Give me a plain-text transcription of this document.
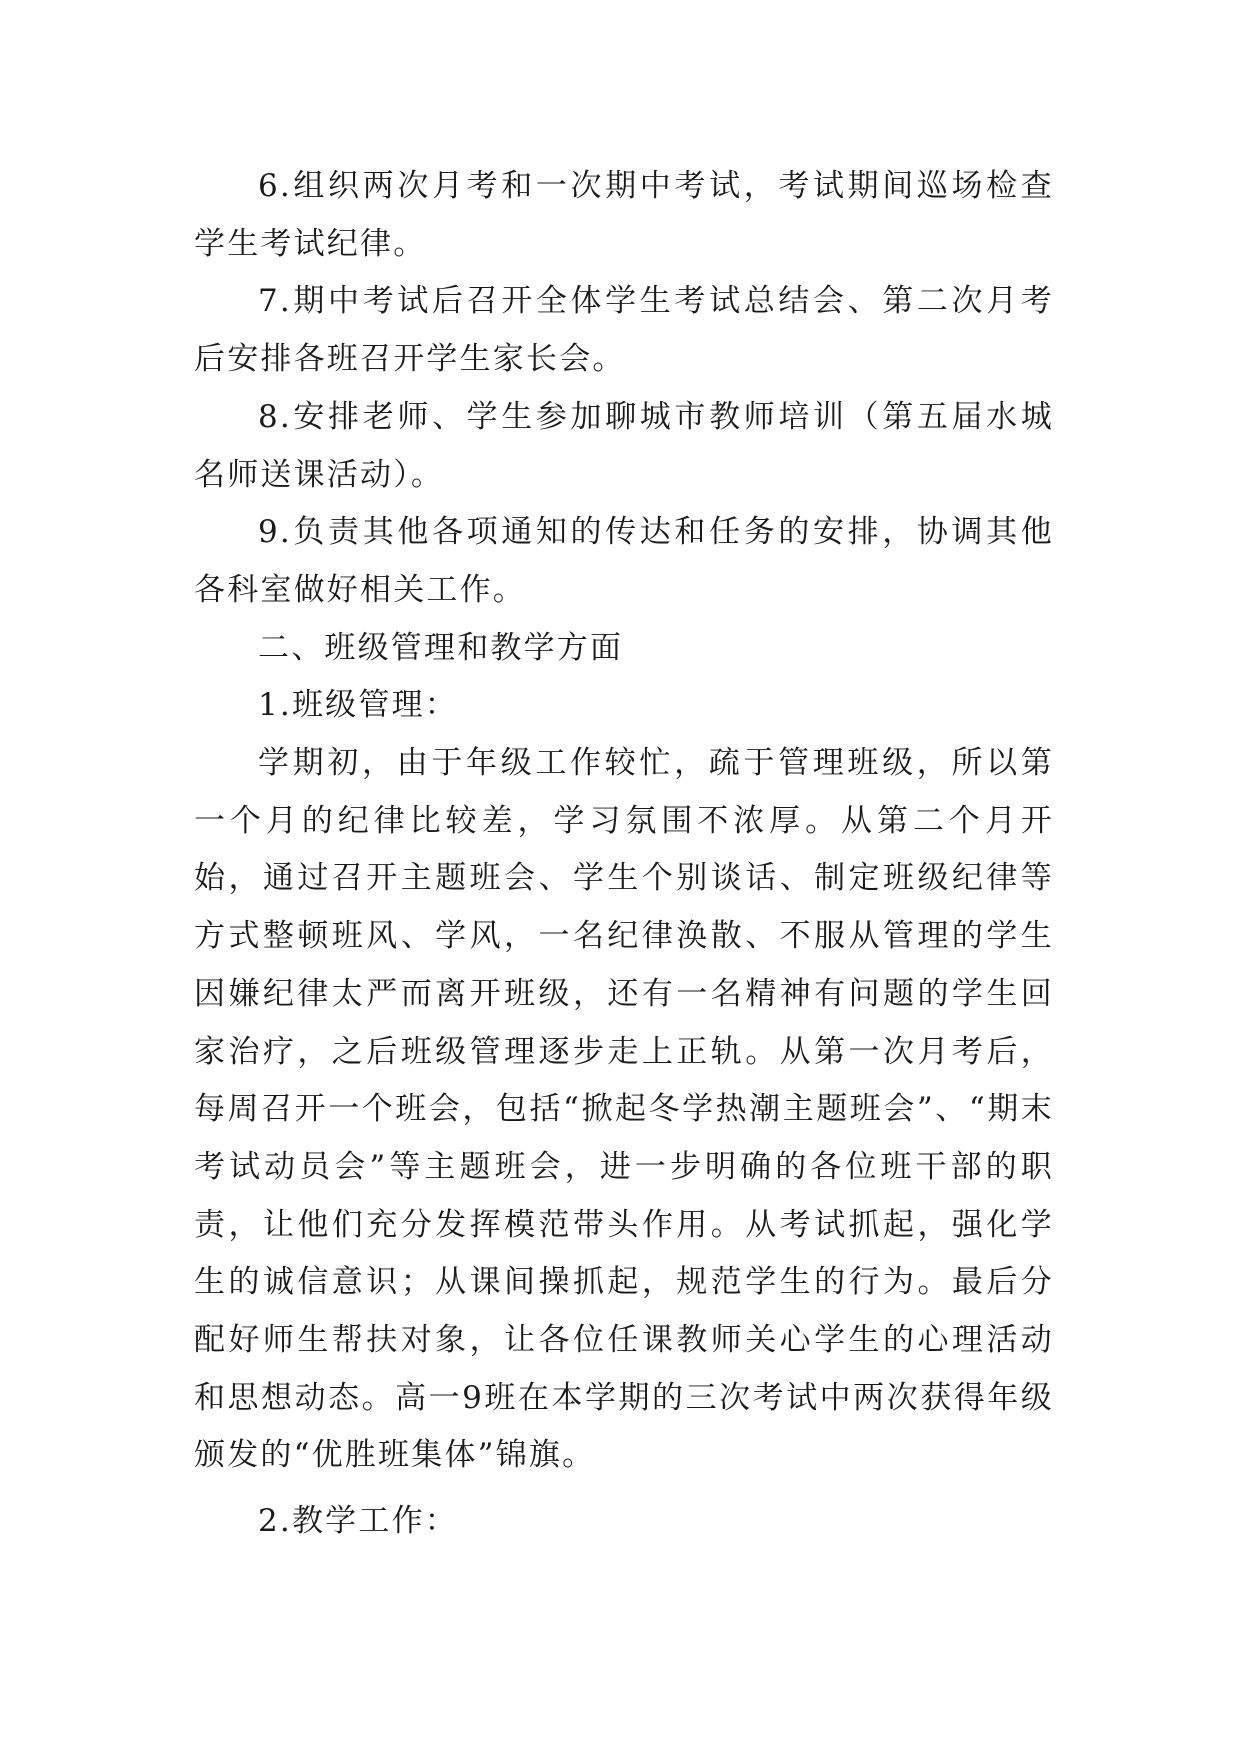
6.组织两次月考和一次期中考试，考试期间巡场检查学生考试纪律。

7.期中考试后召开全体学生考试总结会、第二次月考后安排各班召开学生家长会。

8.安排老师、学生参加聊城市教师培训（第五届水城名师送课活动）。

9.负责其他各项通知的传达和任务的安排，协调其他各科室做好相关工作。

二、班级管理和教学方面

1.班级管理：

学期初，由于年级工作较忙，疏于管理班级，所以第一个月的纪律比较差，学习氛围不浓厚。从第二个月开始，通过召开主题班会、学生个别谈话、制定班级纪律等方式整顿班风、学风，一名纪律涣散、不服从管理的学生因嫌纪律太严而离开班级，还有一名精神有问题的学生回家治疗，之后班级管理逐步走上正轨。从第一次月考后，每周召开一个班会，包括“掀起冬学热潮主题班会”、“期末考试动员会”等主题班会，进一步明确的各位班干部的职责，让他们充分发挥模范带头作用。从考试抓起，强化学生的诚信意识；从课间操抓起，规范学生的行为。最后分配好师生帮扶对象，让各位任课教师关心学生的心理活动和思想动态。高一9班在本学期的三次考试中两次获得年级颁发的“优胜班集体”锦旗。

2.教学工作：
